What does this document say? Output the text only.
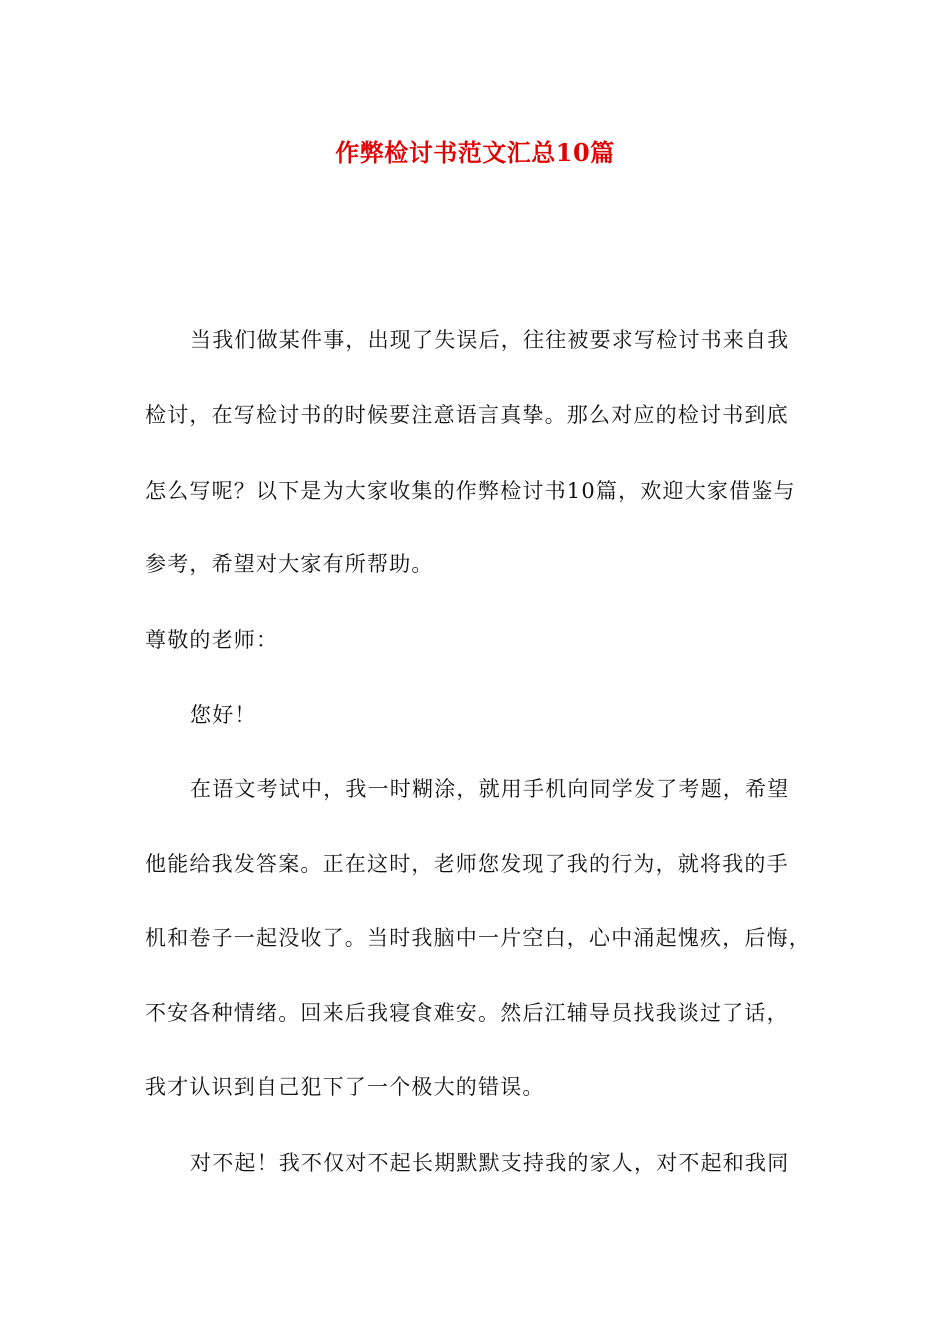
作弊检讨书范文汇总10篇
当我们做某件事，出现了失误后，往往被要求写检讨书来自我
检讨，在写检讨书的时候要注意语言真挚。那么对应的检讨书到底
怎么写呢？以下是为大家收集的作弊检讨书10篇，欢迎大家借鉴与
参考，希望对大家有所帮助。
尊敬的老师：
您好！
在语文考试中，我一时糊涂，就用手机向同学发了考题，希望
他能给我发答案。正在这时，老师您发现了我的行为，就将我的手
机和卷子一起没收了。当时我脑中一片空白，心中涌起愧疚，后悔，
不安各种情绪。回来后我寝食难安。然后江辅导员找我谈过了话，
我才认识到自己犯下了一个极大的错误。
对不起！我不仅对不起长期默默支持我的家人，对不起和我同
